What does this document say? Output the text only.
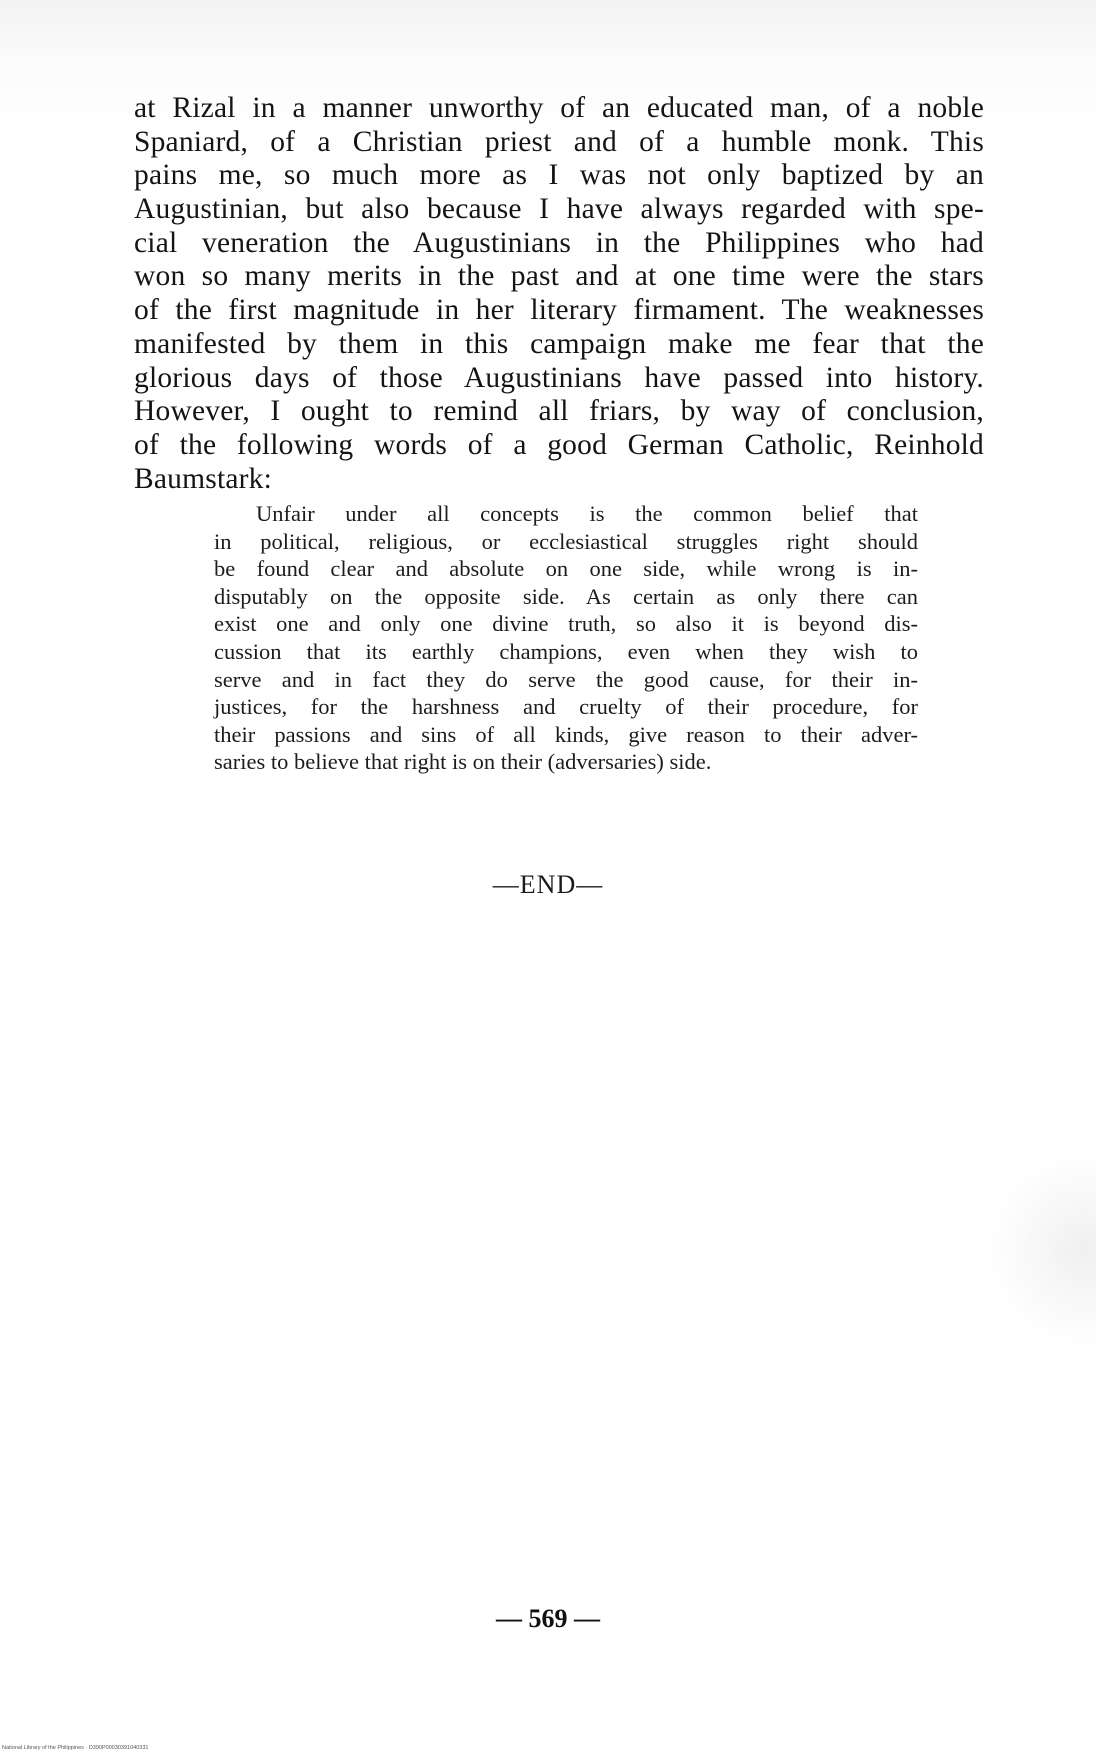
at Rizal in a manner unworthy of an educated man, of a noble
Spaniard, of a Christian priest and of a humble monk. This
pains me, so much more as I was not only baptized by an
Augustinian, but also because I have always regarded with spe-
cial veneration the Augustinians in the Philippines who had
won so many merits in the past and at one time were the stars
of the first magnitude in her literary firmament. The weaknesses
manifested by them in this campaign make me fear that the
glorious days of those Augustinians have passed into history.
However, I ought to remind all friars, by way of conclusion,
of the following words of a good German Catholic, Reinhold
Baumstark:
Unfair under all concepts is the common belief that
in political, religious, or ecclesiastical struggles right should
be found clear and absolute on one side, while wrong is in-
disputably on the opposite side. As certain as only there can
exist one and only one divine truth, so also it is beyond dis-
cussion that its earthly champions, even when they wish to
serve and in fact they do serve the good cause, for their in-
justices, for the harshness and cruelty of their procedure, for
their passions and sins of all kinds, give reason to their adver-
saries to believe that right is on their (adversaries) side.
—END—
— 569 —
National Library of the Philippines · D390P00030391040331
